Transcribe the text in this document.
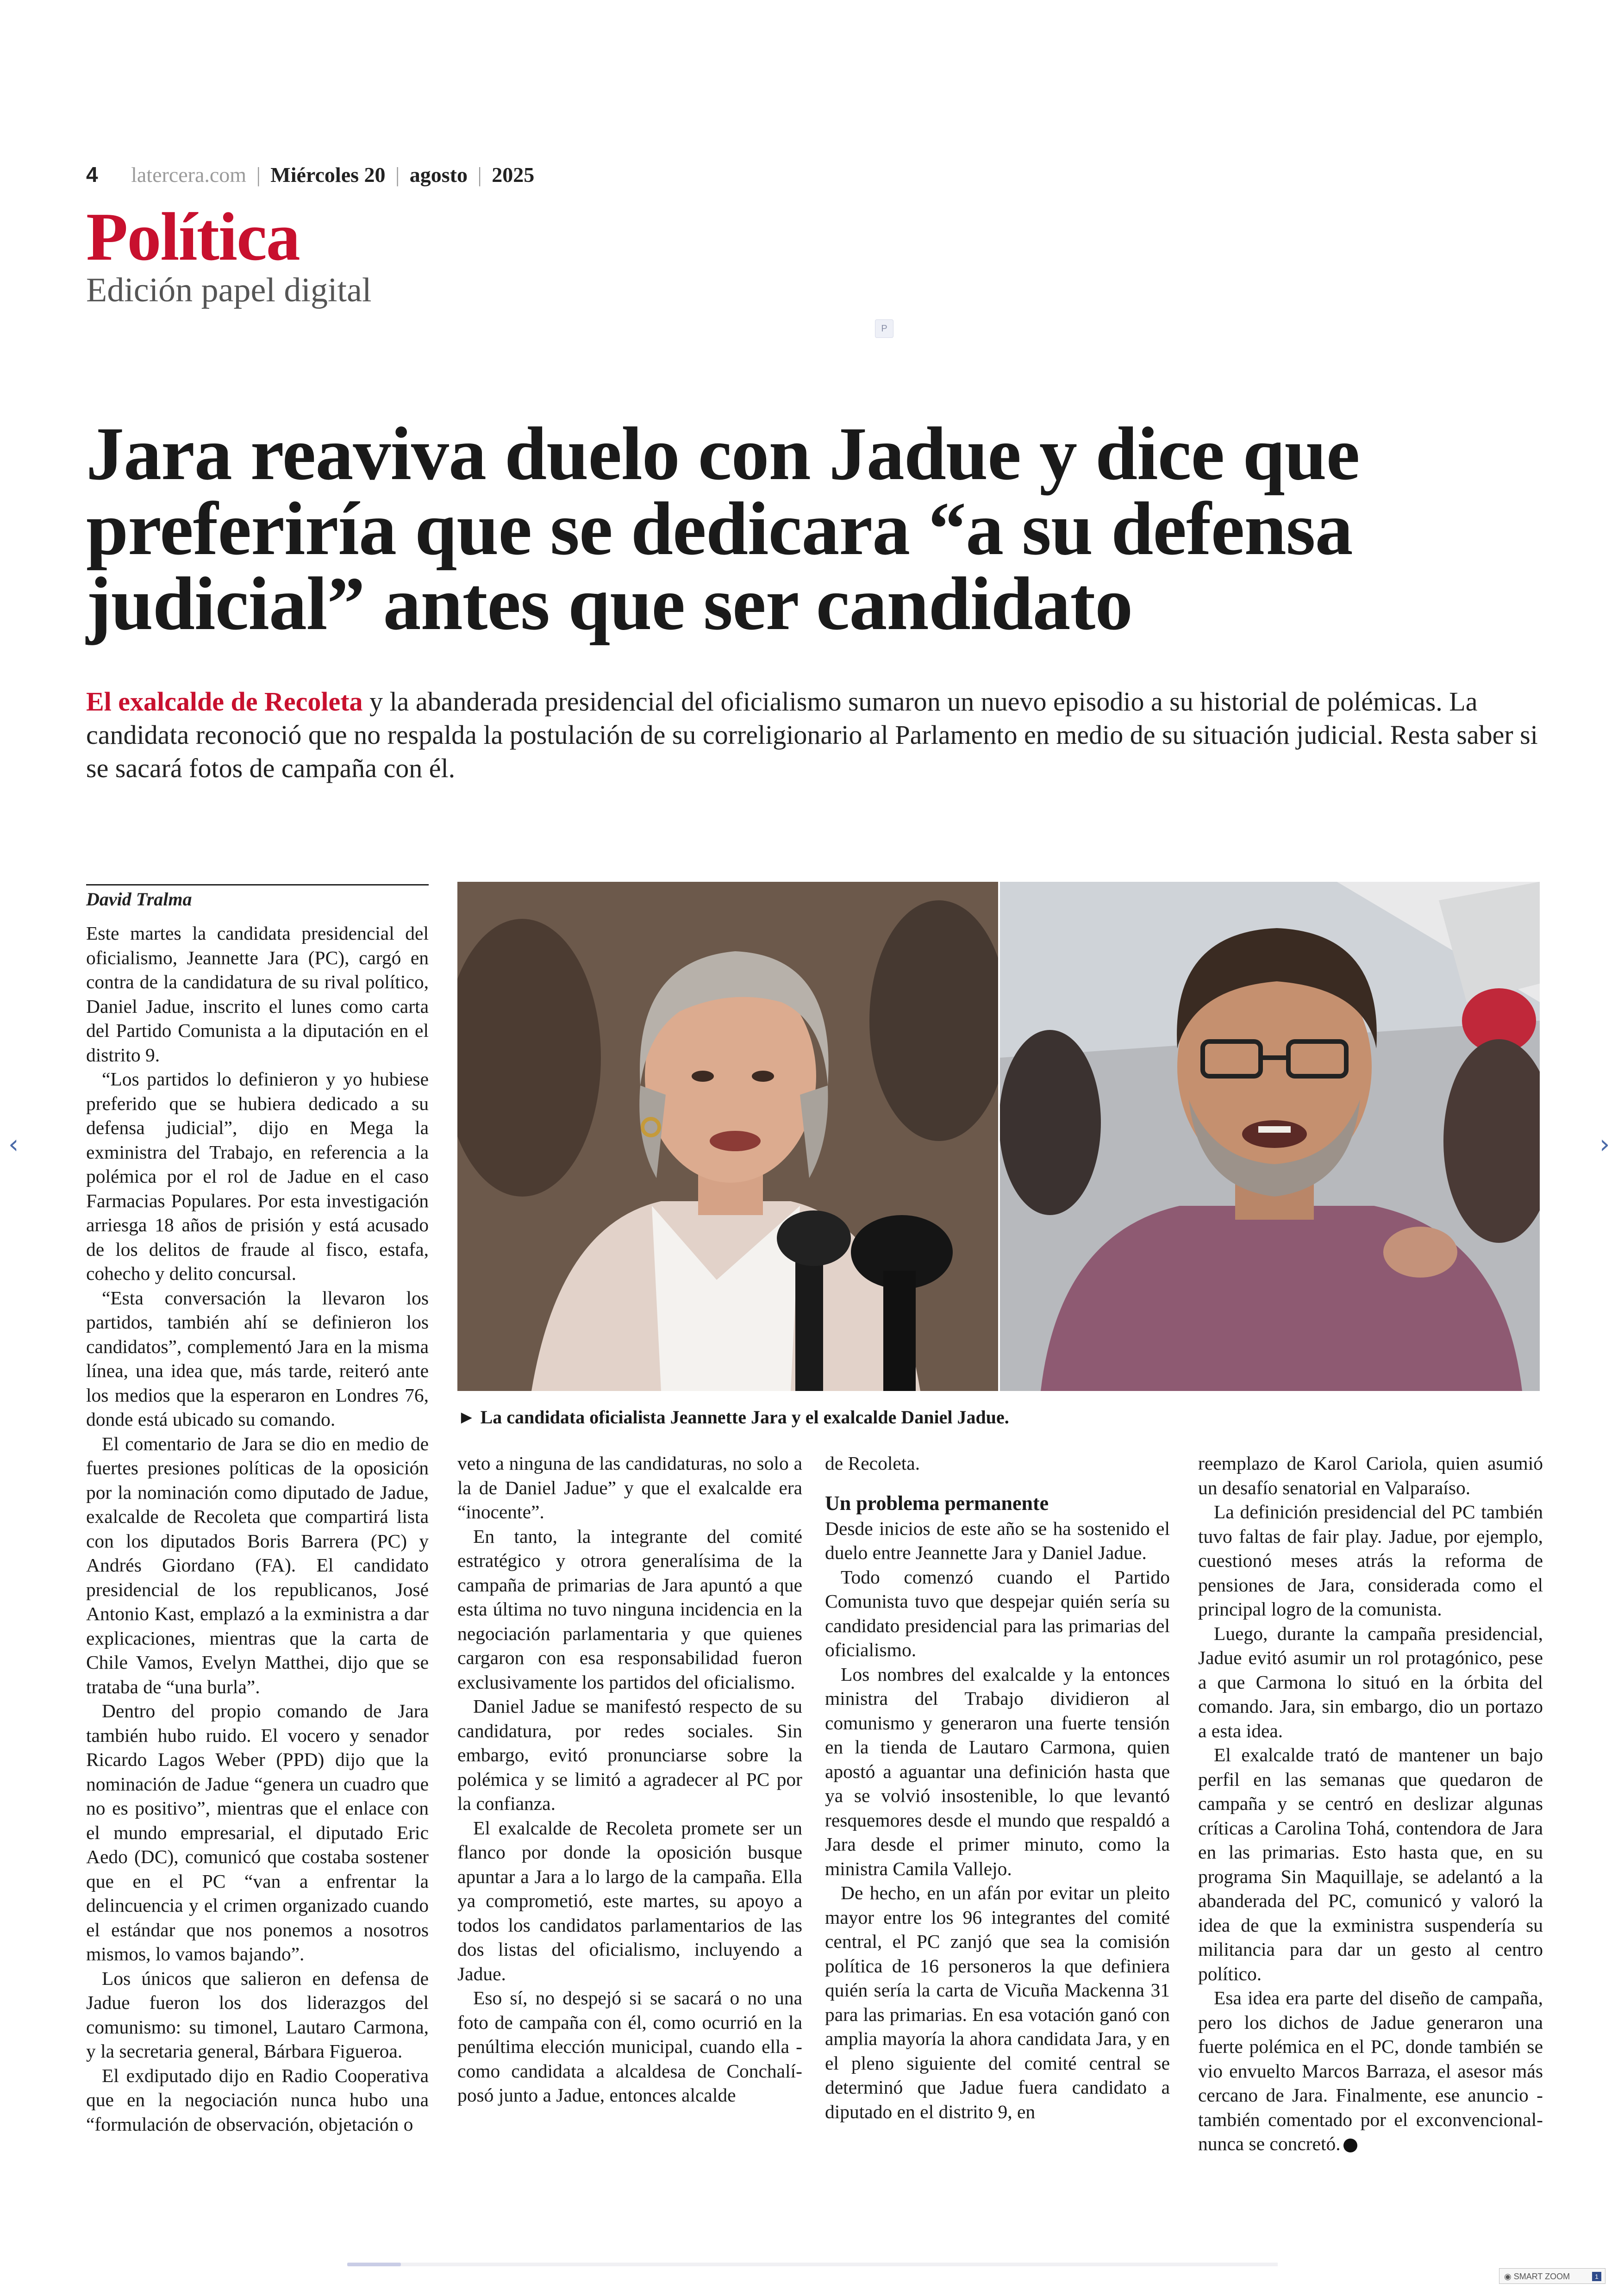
4 latercera.com | Miércoles 20 | agosto | 2025
Política
Edición papel digital
P
Jara reaviva duelo con Jadue y dice que preferiría que se dedicara “a su defensa judicial” antes que ser candidato

El exalcalde de Recoleta y la abanderada presidencial del oficialismo sumaron un nuevo episodio a su historial de polémicas. La candidata reconoció que no respalda la postulación de su correligionario al Parlamento en medio de su situación judicial. Resta saber si se sacará fotos de campaña con él.

David Tralma

Este martes la candidata presidencial del oficialismo, Jeannette Jara (PC), cargó en contra de la candidatura de su rival político, Daniel Jadue, inscrito el lunes como carta del Partido Comunista a la diputación en el distrito 9.

“Los partidos lo definieron y yo hubiese preferido que se hubiera dedicado a su defensa judicial”, dijo en Mega la exministra del Trabajo, en referencia a la polémica por el rol de Jadue en el caso Farmacias Populares. Por esta investigación arriesga 18 años de prisión y está acusado de los delitos de fraude al fisco, estafa, cohecho y delito concursal.

“Esta conversación la llevaron los partidos, también ahí se definieron los candidatos”, complementó Jara en la misma línea, una idea que, más tarde, reiteró ante los medios que la esperaron en Londres 76, donde está ubicado su comando.

El comentario de Jara se dio en medio de fuertes presiones políticas de la oposición por la nominación como diputado de Jadue, exalcalde de Recoleta que compartirá lista con los diputados Boris Barrera (PC) y Andrés Giordano (FA). El candidato presidencial de los republicanos, José Antonio Kast, emplazó a la exministra a dar explicaciones, mientras que la carta de Chile Vamos, Evelyn Matthei, dijo que se trataba de “una burla”.

Dentro del propio comando de Jara también hubo ruido. El vocero y senador Ricardo Lagos Weber (PPD) dijo que la nominación de Jadue “genera un cuadro que no es positivo”, mientras que el enlace con el mundo empresarial, el diputado Eric Aedo (DC), comunicó que costaba sostener que en el PC “van a enfrentar la delincuencia y el crimen organizado cuando el estándar que nos ponemos a nosotros mismos, lo vamos bajando”.

Los únicos que salieron en defensa de Jadue fueron los dos liderazgos del comunismo: su timonel, Lautaro Carmona, y la secretaria general, Bárbara Figueroa.

El exdiputado dijo en Radio Cooperativa que en la negociación nunca hubo una “formulación de observación, objetación o

► La candidata oficialista Jeannette Jara y el exalcalde Daniel Jadue.

veto a ninguna de las candidaturas, no solo a la de Daniel Jadue” y que el exalcalde era “inocente”.

En tanto, la integrante del comité estratégico y otrora generalísima de la campaña de primarias de Jara apuntó a que esta última no tuvo ninguna incidencia en la negociación parlamentaria y que quienes cargaron con esa responsabilidad fueron exclusivamente los partidos del oficialismo.

Daniel Jadue se manifestó respecto de su candidatura, por redes sociales. Sin embargo, evitó pronunciarse sobre la polémica y se limitó a agradecer al PC por la confianza.

El exalcalde de Recoleta promete ser un flanco por donde la oposición busque apuntar a Jara a lo largo de la campaña. Ella ya comprometió, este martes, su apoyo a todos los candidatos parlamentarios de las dos listas del oficialismo, incluyendo a Jadue.

Eso sí, no despejó si se sacará o no una foto de campaña con él, como ocurrió en la penúltima elección municipal, cuando ella -como candidata a alcaldesa de Conchalí- posó junto a Jadue, entonces alcalde

de Recoleta.

Un problema permanente

Desde inicios de este año se ha sostenido el duelo entre Jeannette Jara y Daniel Jadue.

Todo comenzó cuando el Partido Comunista tuvo que despejar quién sería su candidato presidencial para las primarias del oficialismo.

Los nombres del exalcalde y la entonces ministra del Trabajo dividieron al comunismo y generaron una fuerte tensión en la tienda de Lautaro Carmona, quien apostó a aguantar una definición hasta que ya se volvió insostenible, lo que levantó resquemores desde el mundo que respaldó a Jara desde el primer minuto, como la ministra Camila Vallejo.

De hecho, en un afán por evitar un pleito mayor entre los 96 integrantes del comité central, el PC zanjó que sea la comisión política de 16 personeros la que definiera quién sería la carta de Vicuña Mackenna 31 para las primarias. En esa votación ganó con amplia mayoría la ahora candidata Jara, y en el pleno siguiente del comité central se determinó que Jadue fuera candidato a diputado en el distrito 9, en

reemplazo de Karol Cariola, quien asumió un desafío senatorial en Valparaíso.

La definición presidencial del PC también tuvo faltas de fair play. Jadue, por ejemplo, cuestionó meses atrás la reforma de pensiones de Jara, considerada como el principal logro de la comunista.

Luego, durante la campaña presidencial, Jadue evitó asumir un rol protagónico, pese a que Carmona lo situó en la órbita del comando. Jara, sin embargo, dio un portazo a esta idea.

El exalcalde trató de mantener un bajo perfil en las semanas que quedaron de campaña y se centró en deslizar algunas críticas a Carolina Tohá, contendora de Jara en las primarias. Esto hasta que, en su programa Sin Maquillaje, se adelantó a la abanderada del PC, comunicó y valoró la idea de que la exministra suspendería su militancia para dar un gesto al centro político.

Esa idea era parte del diseño de campaña, pero los dichos de Jadue generaron una fuerte polémica en el PC, donde también se vio envuelto Marcos Barraza, el asesor más cercano de Jara. Finalmente, ese anuncio -también comentado por el exconvencional- nunca se concretó.

‹	›
◉ SMART ZOOM	1
